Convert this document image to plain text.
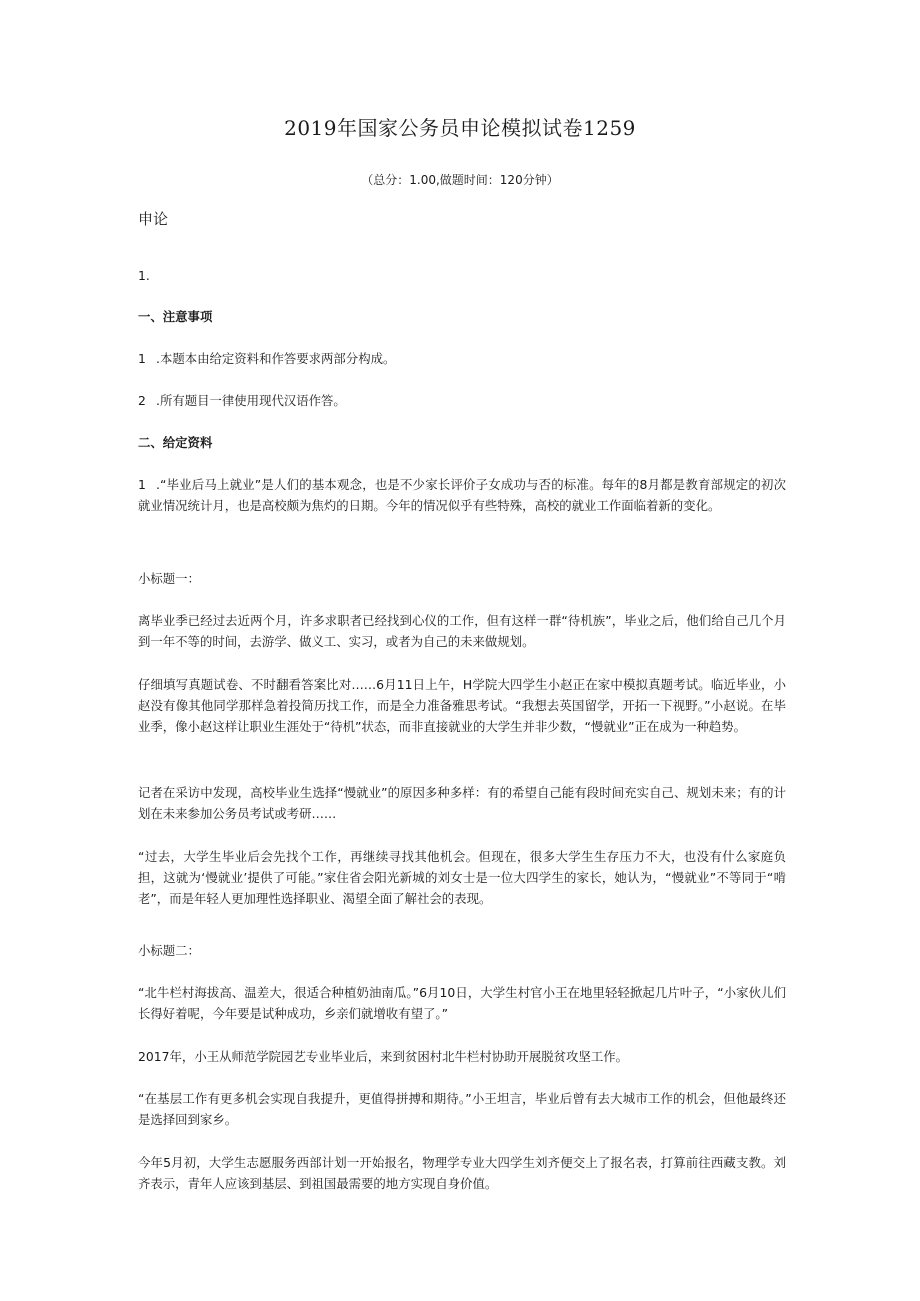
2019年国家公务员申论模拟试卷1259
（总分：1.00,做题时间：120分钟）
申论
1.
一、注意事项
1 .本题本由给定资料和作答要求两部分构成。
2 .所有题目一律使用现代汉语作答。
二、给定资料
1 .“毕业后马上就业”是人们的基本观念，也是不少家长评价子女成功与否的标准。每年的8月都是教育部规定的初次就业情况统计月，也是高校颇为焦灼的日期。今年的情况似乎有些特殊，高校的就业工作面临着新的变化。
小标题一：
离毕业季已经过去近两个月，许多求职者已经找到心仪的工作，但有这样一群“待机族”，毕业之后，他们给自己几个月到一年不等的时间，去游学、做义工、实习，或者为自己的未来做规划。
仔细填写真题试卷、不时翻看答案比对……6月11日上午，H学院大四学生小赵正在家中模拟真题考试。临近毕业，小赵没有像其他同学那样急着投简历找工作，而是全力准备雅思考试。“我想去英国留学，开拓一下视野。”小赵说。在毕业季，像小赵这样让职业生涯处于“待机”状态，而非直接就业的大学生并非少数，“慢就业”正在成为一种趋势。
记者在采访中发现，高校毕业生选择“慢就业”的原因多种多样：有的希望自己能有段时间充实自己、规划未来；有的计划在未来参加公务员考试或考研……
“过去，大学生毕业后会先找个工作，再继续寻找其他机会。但现在，很多大学生生存压力不大，也没有什么家庭负担，这就为‘慢就业’提供了可能。”家住省会阳光新城的刘女士是一位大四学生的家长，她认为，“慢就业”不等同于“啃老”，而是年轻人更加理性选择职业、渴望全面了解社会的表现。
小标题二：
“北牛栏村海拔高、温差大，很适合种植奶油南瓜。”6月10日，大学生村官小王在地里轻轻掀起几片叶子，“小家伙儿们长得好着呢，今年要是试种成功，乡亲们就增收有望了。”
2017年，小王从师范学院园艺专业毕业后，来到贫困村北牛栏村协助开展脱贫攻坚工作。
“在基层工作有更多机会实现自我提升，更值得拼搏和期待。”小王坦言，毕业后曾有去大城市工作的机会，但他最终还是选择回到家乡。
今年5月初，大学生志愿服务西部计划一开始报名，物理学专业大四学生刘齐便交上了报名表，打算前往西藏支教。刘齐表示，青年人应该到基层、到祖国最需要的地方实现自身价值。
